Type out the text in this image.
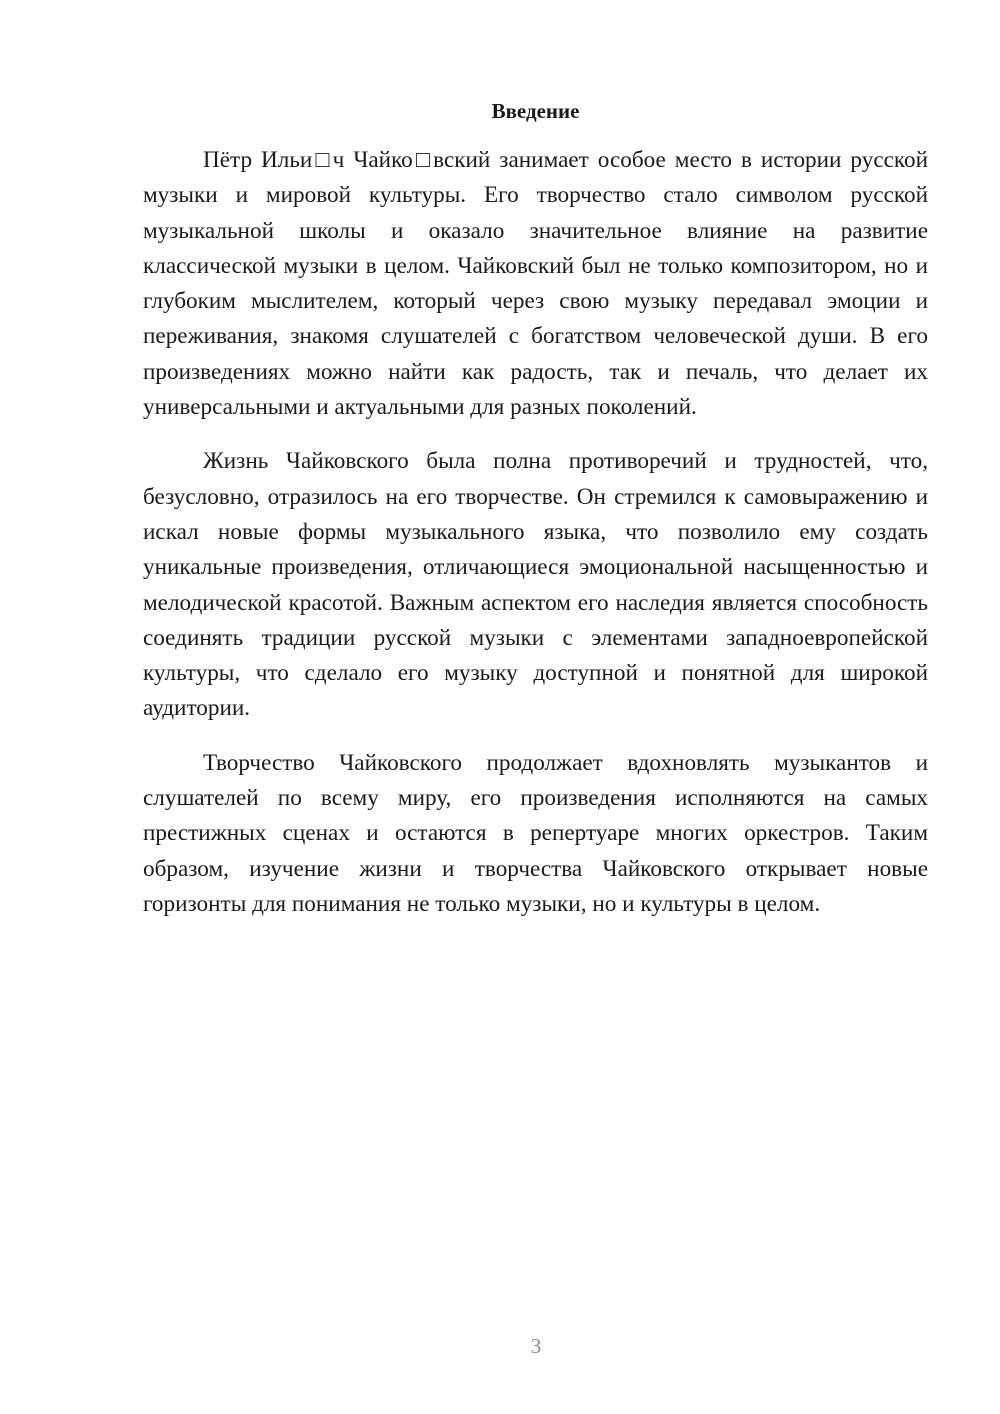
Введение

Пётр Ильи□ч Чайко□вский занимает особое место в истории русской музыки и мировой культуры. Его творчество стало символом русской музыкальной школы и оказало значительное влияние на развитие классической музыки в целом. Чайковский был не только композитором, но и глубоким мыслителем, который через свою музыку передавал эмоции и переживания, знакомя слушателей с богатством человеческой души. В его произведениях можно найти как радость, так и печаль, что делает их универсальными и актуальными для разных поколений.

Жизнь Чайковского была полна противоречий и трудностей, что, безусловно, отразилось на его творчестве. Он стремился к самовыражению и искал новые формы музыкального языка, что позволило ему создать уникальные произведения, отличающиеся эмоциональной насыщенностью и мелодической красотой. Важным аспектом его наследия является способность соединять традиции русской музыки с элементами западноевропейской культуры, что сделало его музыку доступной и понятной для широкой аудитории.

Творчество Чайковского продолжает вдохновлять музыкантов и слушателей по всему миру, его произведения исполняются на самых престижных сценах и остаются в репертуаре многих оркестров. Таким образом, изучение жизни и творчества Чайковского открывает новые горизонты для понимания не только музыки, но и культуры в целом.

3
